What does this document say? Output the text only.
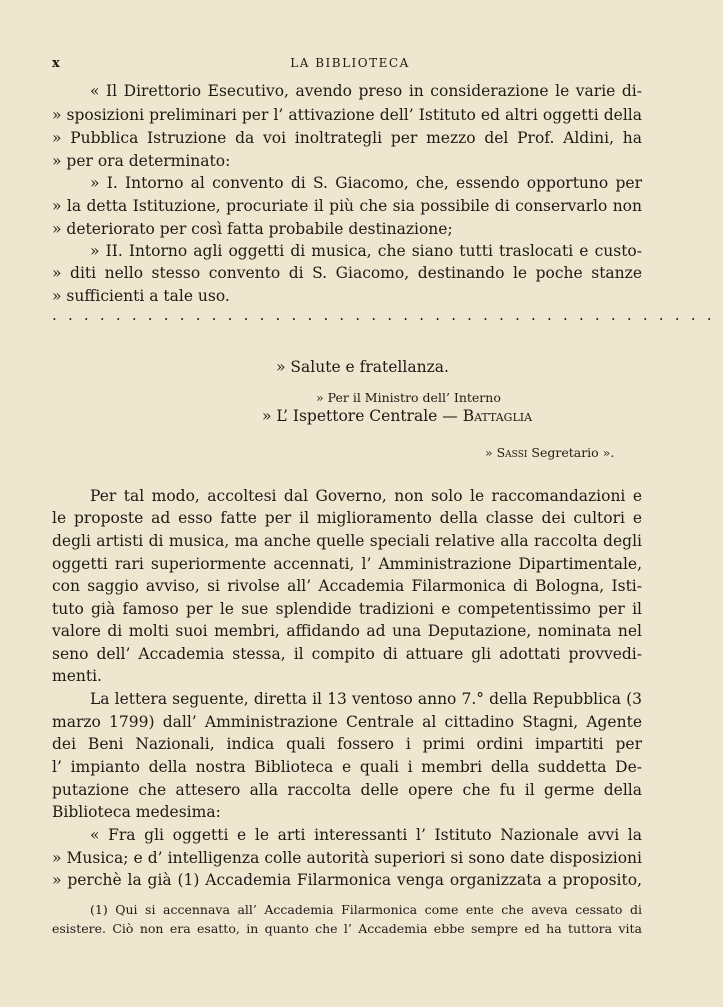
x	LA BIBLIOTECA
« Il Direttorio Esecutivo, avendo preso in considerazione le varie di-
» sposizioni preliminari per l’ attivazione dell’ Istituto ed altri oggetti della
» Pubblica Istruzione da voi inoltrategli per mezzo del Prof. Aldini, ha
» per ora determinato:
» I. Intorno al convento di S. Giacomo, che, essendo opportuno per
» la detta Istituzione, procuriate il più che sia possibile di conservarlo non
» deteriorato per così fatta probabile destinazione;
» II. Intorno agli oggetti di musica, che siano tutti traslocati e custo-
» diti nello stesso convento di S. Giacomo, destinando le poche stanze
» sufficienti a tale uso.
..........................................
» Salute e fratellanza.
» Per il Ministro dell’ Interno
» L’ Ispettore Centrale — Battaglia
» Sassi Segretario ».
Per tal modo, accoltesi dal Governo, non solo le raccomandazioni e
le proposte ad esso fatte per il miglioramento della classe dei cultori e
degli artisti di musica, ma anche quelle speciali relative alla raccolta degli
oggetti rari superiormente accennati, l’ Amministrazione Dipartimentale,
con saggio avviso, si rivolse all’ Accademia Filarmonica di Bologna, Isti-
tuto già famoso per le sue splendide tradizioni e competentissimo per il
valore di molti suoi membri, affidando ad una Deputazione, nominata nel
seno dell’ Accademia stessa, il compito di attuare gli adottati provvedi-
menti.
La lettera seguente, diretta il 13 ventoso anno 7.° della Repubblica (3
marzo 1799) dall’ Amministrazione Centrale al cittadino Stagni, Agente
dei Beni Nazionali, indica quali fossero i primi ordini impartiti per
l’ impianto della nostra Biblioteca e quali i membri della suddetta De-
putazione che attesero alla raccolta delle opere che fu il germe della
Biblioteca medesima:
« Fra gli oggetti e le arti interessanti l’ Istituto Nazionale avvi la
» Musica; e d’ intelligenza colle autorità superiori si sono date disposizioni
» perchè la già (1) Accademia Filarmonica venga organizzata a proposito,
(1) Qui si accennava all’ Accademia Filarmonica come ente che aveva cessato di
esistere. Ciò non era esatto, in quanto che l’ Accademia ebbe sempre ed ha tuttora vita
